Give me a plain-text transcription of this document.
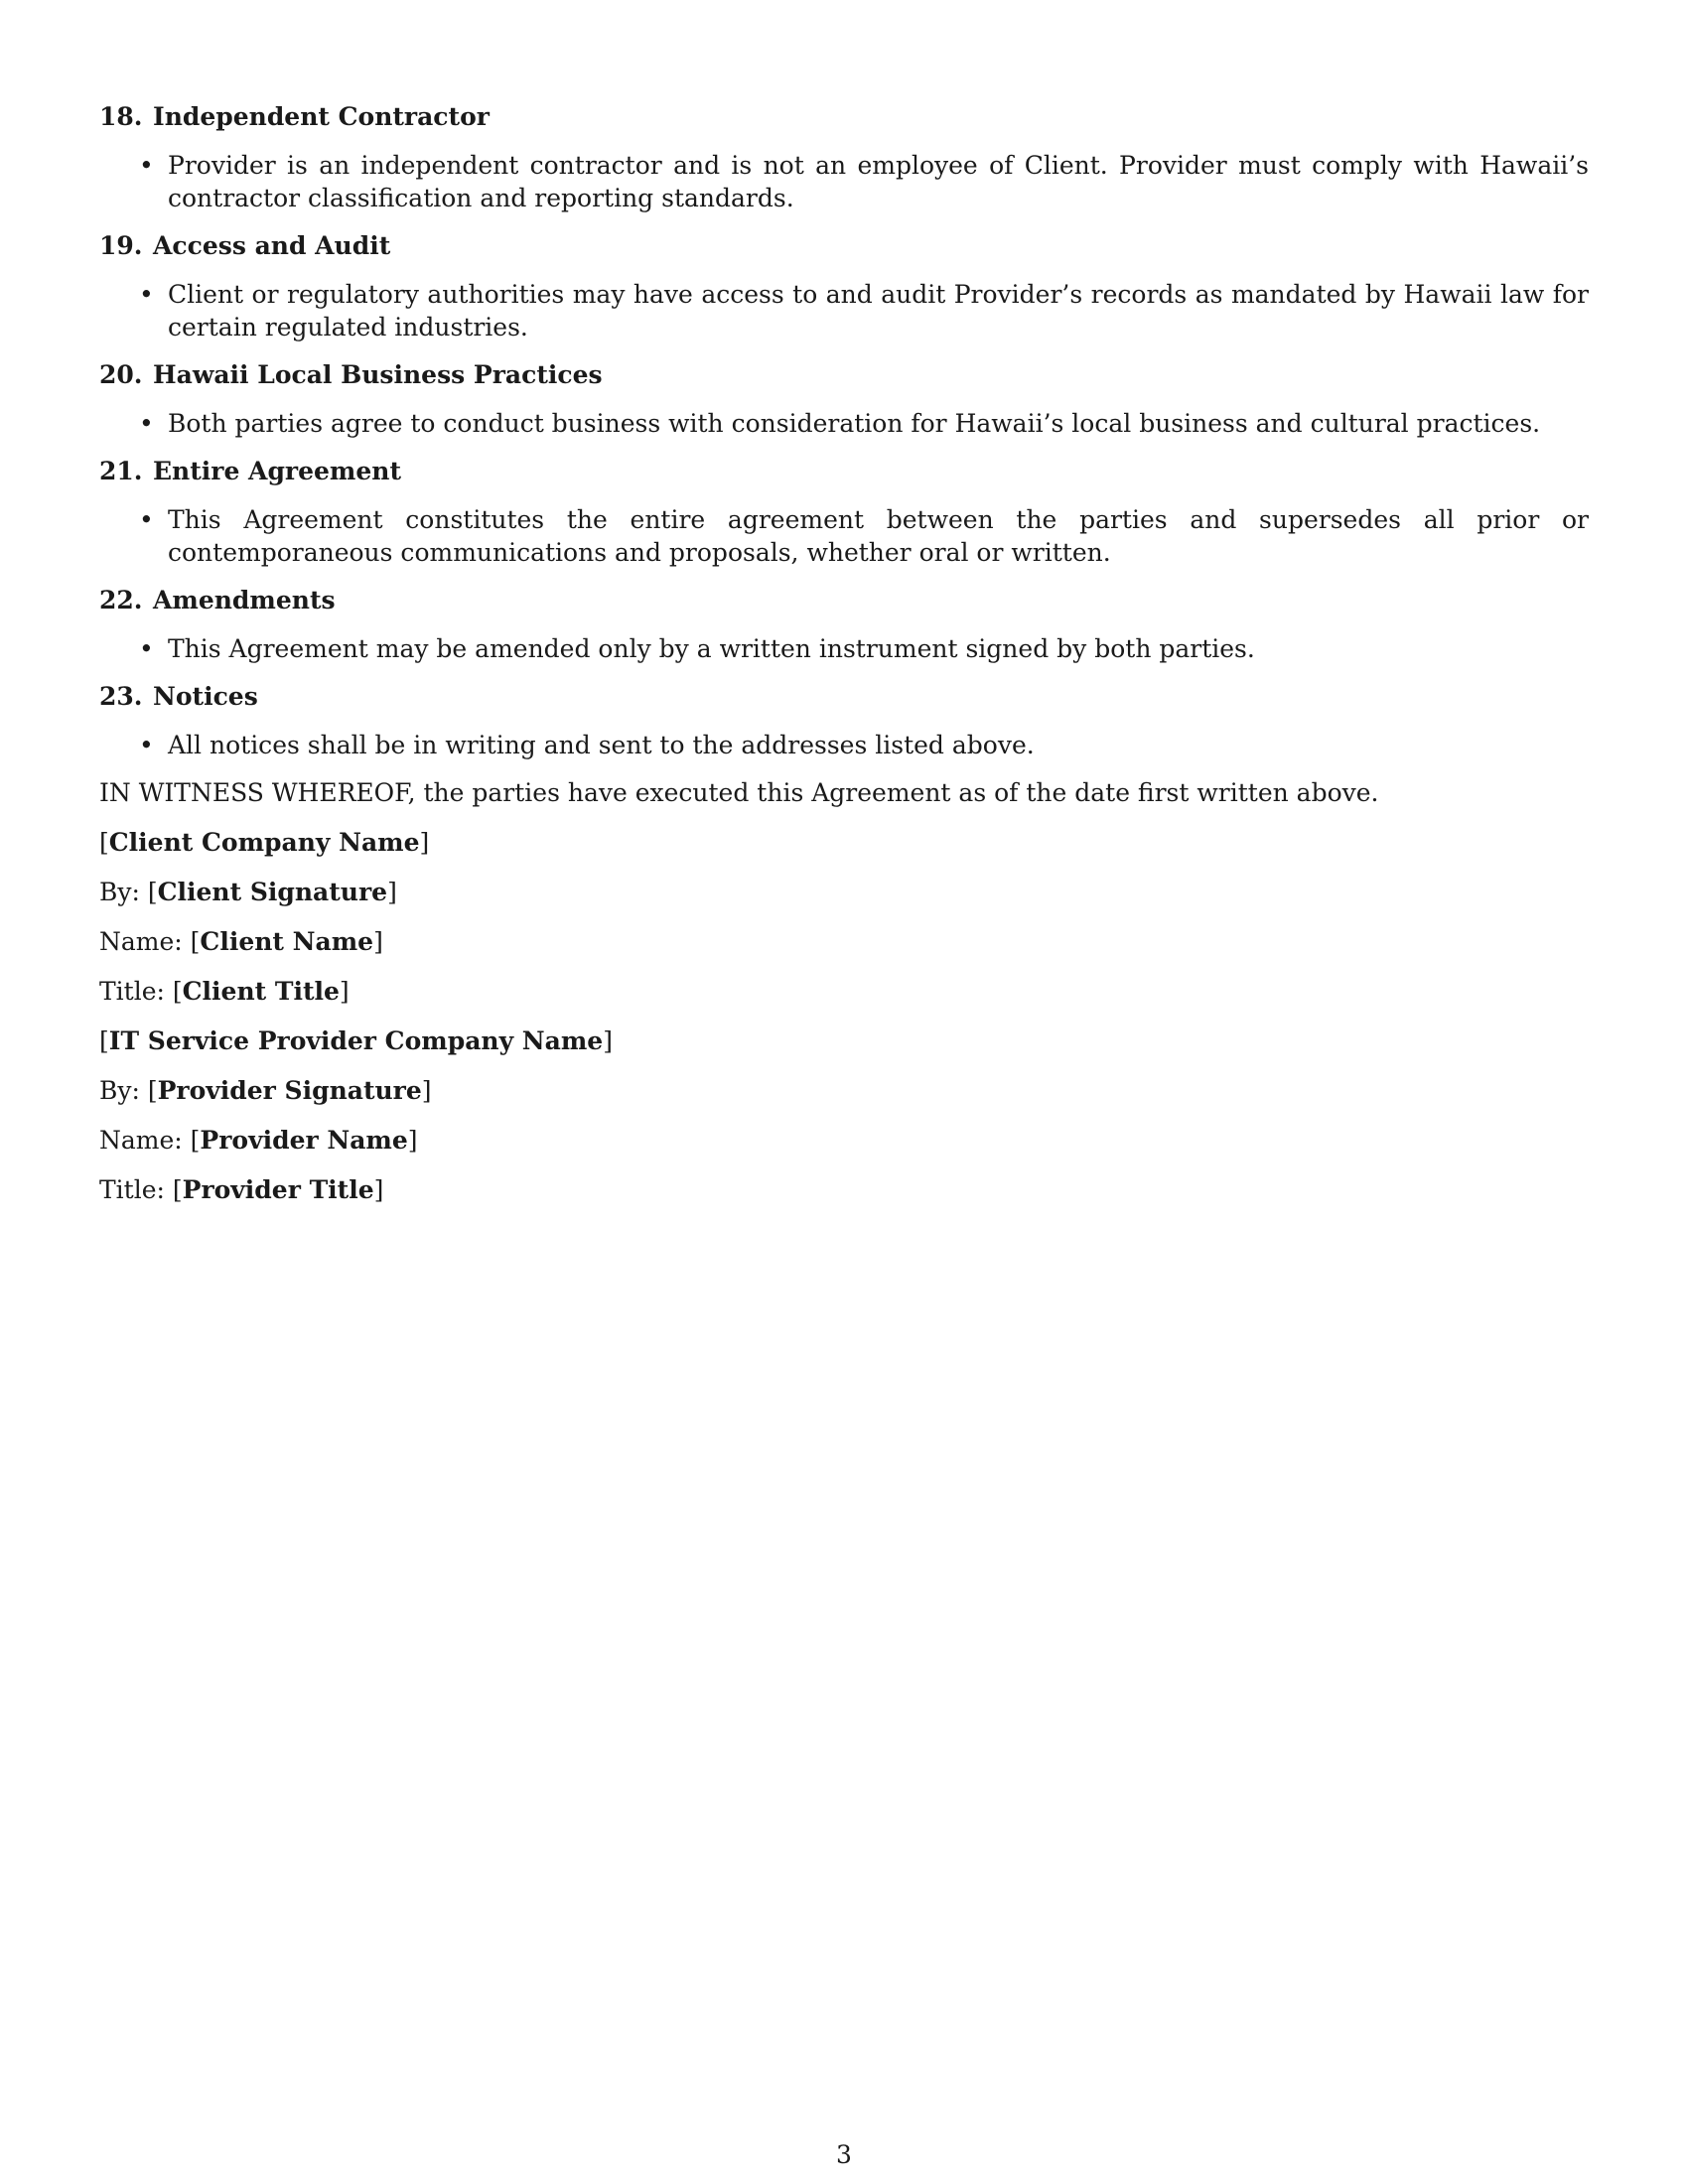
18. Independent Contractor
• Provider is an independent contractor and is not an employee of Client. Provider must comply with Hawaii’s contractor classification and reporting standards.
19. Access and Audit
• Client or regulatory authorities may have access to and audit Provider’s records as mandated by Hawaii law for certain regulated industries.
20. Hawaii Local Business Practices
• Both parties agree to conduct business with consideration for Hawaii’s local business and cultural practices.
21. Entire Agreement
• This Agreement constitutes the entire agreement between the parties and supersedes all prior or contemporaneous communications and proposals, whether oral or written.
22. Amendments
• This Agreement may be amended only by a written instrument signed by both parties.
23. Notices
• All notices shall be in writing and sent to the addresses listed above.

IN WITNESS WHEREOF, the parties have executed this Agreement as of the date first written above.

[Client Company Name]
By: [Client Signature]
Name: [Client Name]
Title: [Client Title]
[IT Service Provider Company Name]
By: [Provider Signature]
Name: [Provider Name]
Title: [Provider Title]
3
